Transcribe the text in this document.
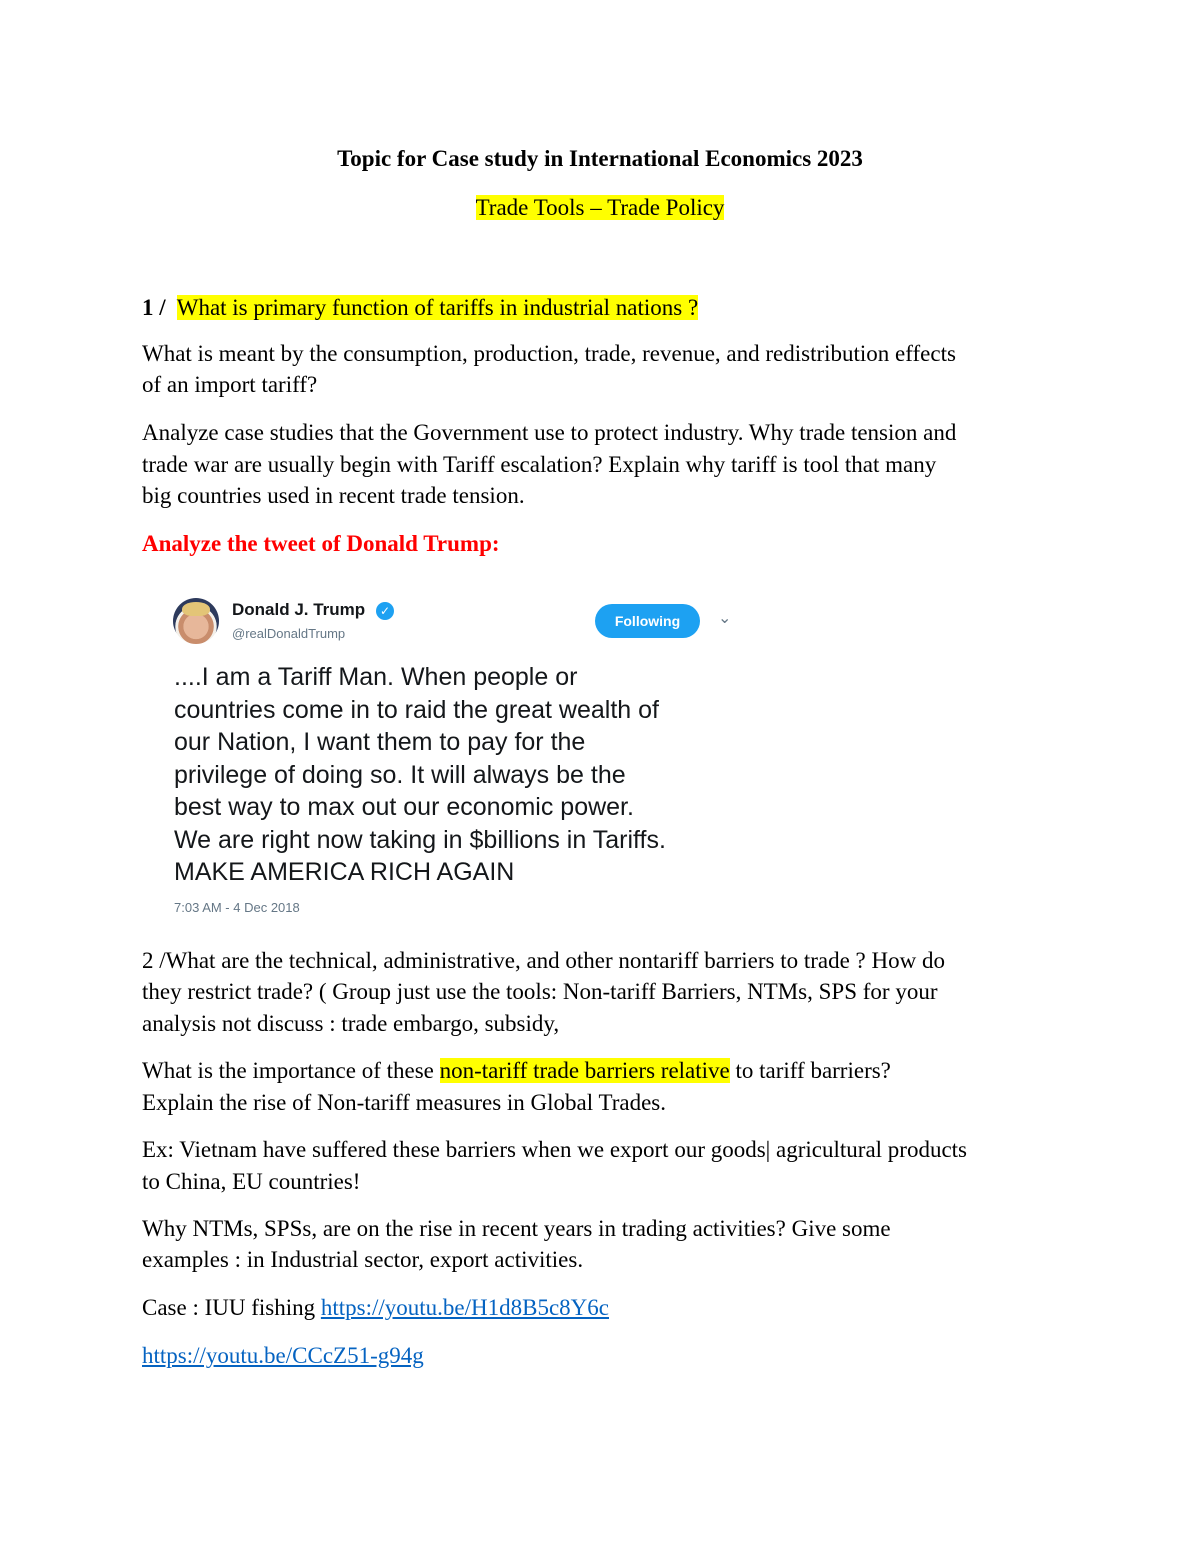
Topic for Case study in International Economics 2023

Trade Tools – Trade Policy

1 / What is primary function of tariffs in industrial nations ?

What is meant by the consumption, production, trade, revenue, and redistribution effects

of an import tariff?

Analyze case studies that the Government use to protect industry. Why trade tension and

trade war are usually begin with Tariff escalation? Explain why tariff is tool that many

big countries used in recent trade tension.

Analyze the tweet of Donald Trump:

Donald J. Trump	✓
@realDonaldTrump
Following	⌄
....I am a Tariff Man. When people or
countries come in to raid the great wealth of
our Nation, I want them to pay for the
privilege of doing so. It will always be the
best way to max out our economic power.
We are right now taking in $billions in Tariffs.
MAKE AMERICA RICH AGAIN
7:03 AM - 4 Dec 2018

2 /What are the technical, administrative, and other nontariff barriers to trade ? How do

they restrict trade? ( Group just use the tools: Non-tariff Barriers, NTMs, SPS for your

analysis not discuss : trade embargo, subsidy,

What is the importance of these non-tariff trade barriers relative to tariff barriers?

Explain the rise of Non-tariff measures in Global Trades.

Ex: Vietnam have suffered these barriers when we export our goods| agricultural products

to China, EU countries!

Why NTMs, SPSs, are on the rise in recent years in trading activities? Give some

examples : in Industrial sector, export activities.

Case : IUU fishing https://youtu.be/H1d8B5c8Y6c

https://youtu.be/CCcZ51-g94g
